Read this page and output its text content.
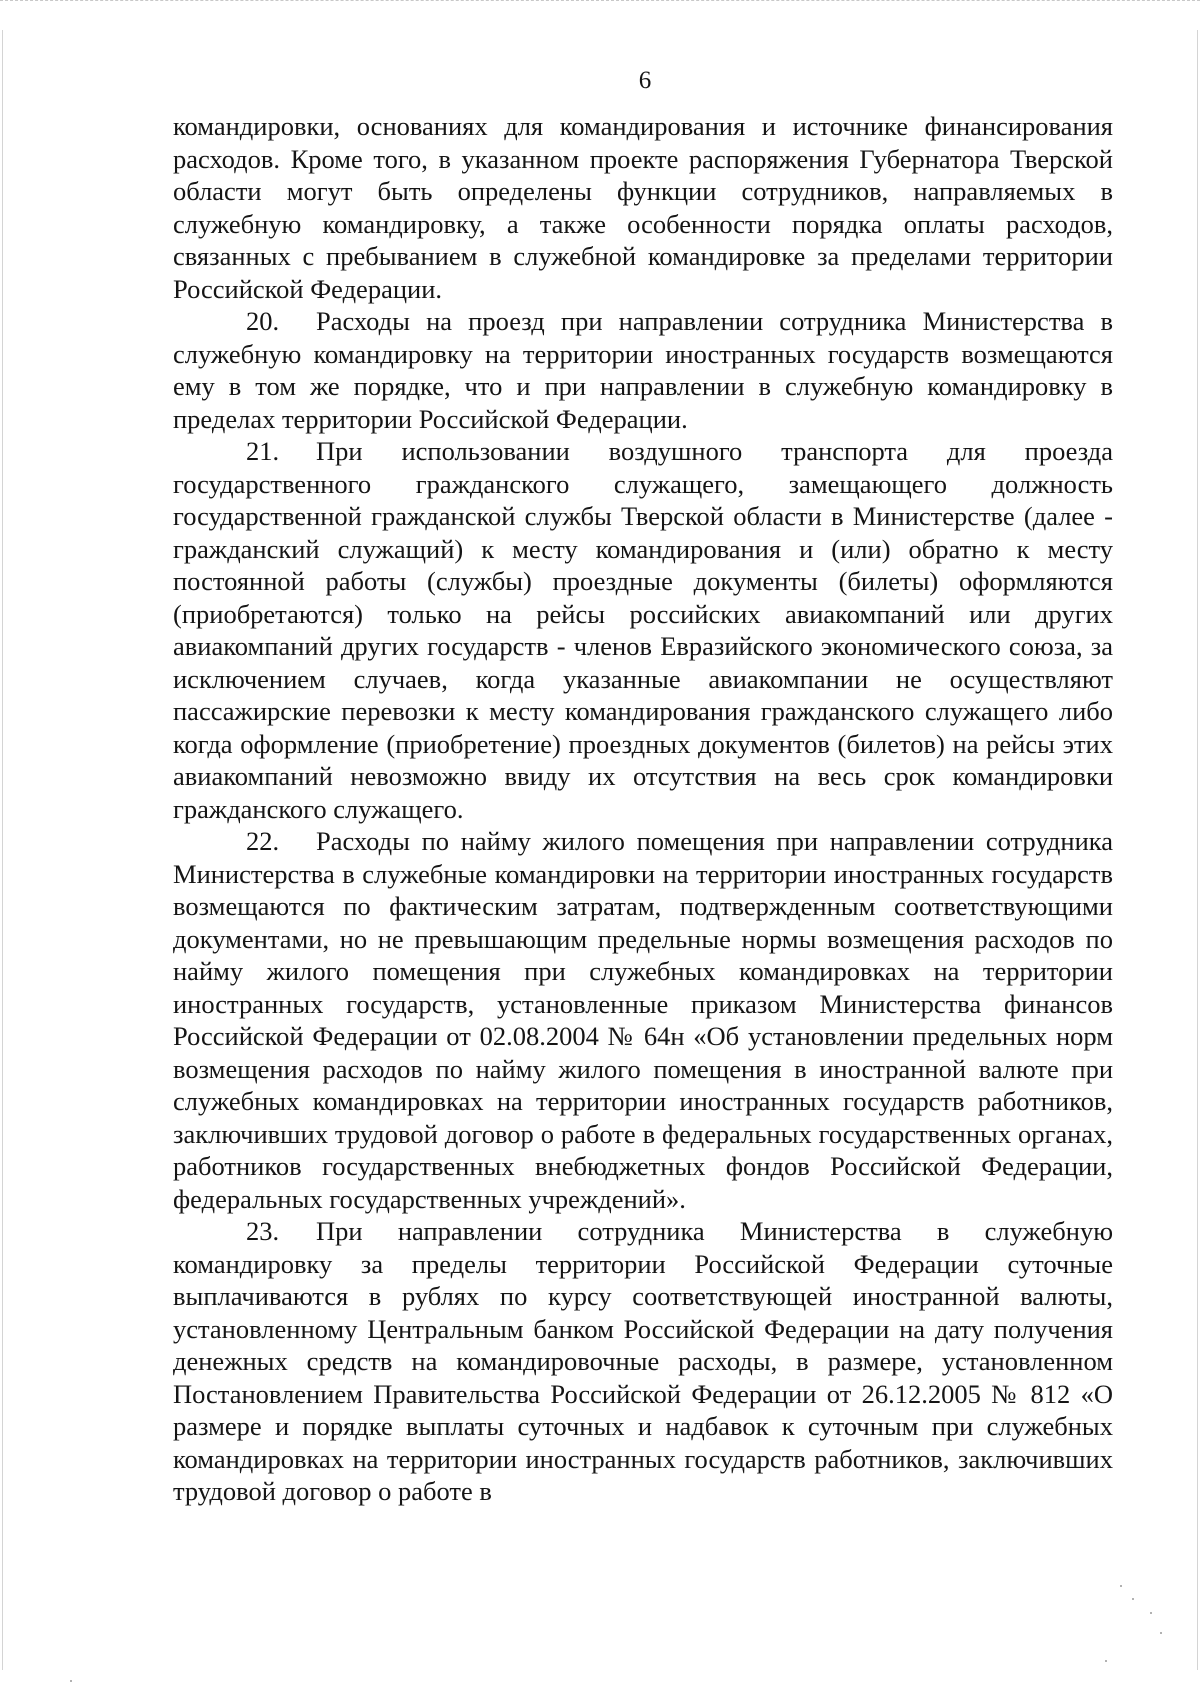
6

командировки, основаниях для командирования и источнике финансирования расходов. Кроме того, в указанном проекте распоряжения Губернатора Тверской области могут быть определены функции сотрудников, направляемых в служебную командировку, а также особенности порядка оплаты расходов, связанных с пребыванием в служебной командировке за пределами территории Российской Федерации.

20. Расходы на проезд при направлении сотрудника Министерства в служебную командировку на территории иностранных государств возмещаются ему в том же порядке, что и при направлении в служебную командировку в пределах территории Российской Федерации.

21. При использовании воздушного транспорта для проезда государственного гражданского служащего, замещающего должность государственной гражданской службы Тверской области в Министерстве (далее - гражданский служащий) к месту командирования и (или) обратно к месту постоянной работы (службы) проездные документы (билеты) оформляются (приобретаются) только на рейсы российских авиакомпаний или других авиакомпаний других государств - членов Евразийского экономического союза, за исключением случаев, когда указанные авиакомпании не осуществляют пассажирские перевозки к месту командирования гражданского служащего либо когда оформление (приобретение) проездных документов (билетов) на рейсы этих авиакомпаний невозможно ввиду их отсутствия на весь срок командировки гражданского служащего.

22. Расходы по найму жилого помещения при направлении сотрудника Министерства в служебные командировки на территории иностранных государств возмещаются по фактическим затратам, подтвержденным соответствующими документами, но не превышающим предельные нормы возмещения расходов по найму жилого помещения при служебных командировках на территории иностранных государств, установленные приказом Министерства финансов Российской Федерации от 02.08.2004 № 64н «Об установлении предельных норм возмещения расходов по найму жилого помещения в иностранной валюте при служебных командировках на территории иностранных государств работников, заключивших трудовой договор о работе в федеральных государственных органах, работников государственных внебюджетных фондов Российской Федерации, федеральных государственных учреждений».

23. При направлении сотрудника Министерства в служебную командировку за пределы территории Российской Федерации суточные выплачиваются в рублях по курсу соответствующей иностранной валюты, установленному Центральным банком Российской Федерации на дату получения денежных средств на командировочные расходы, в размере, установленном Постановлением Правительства Российской Федерации от 26.12.2005 № 812 «О размере и порядке выплаты суточных и надбавок к суточным при служебных командировках на территории иностранных государств работников, заключивших трудовой договор о работе в
